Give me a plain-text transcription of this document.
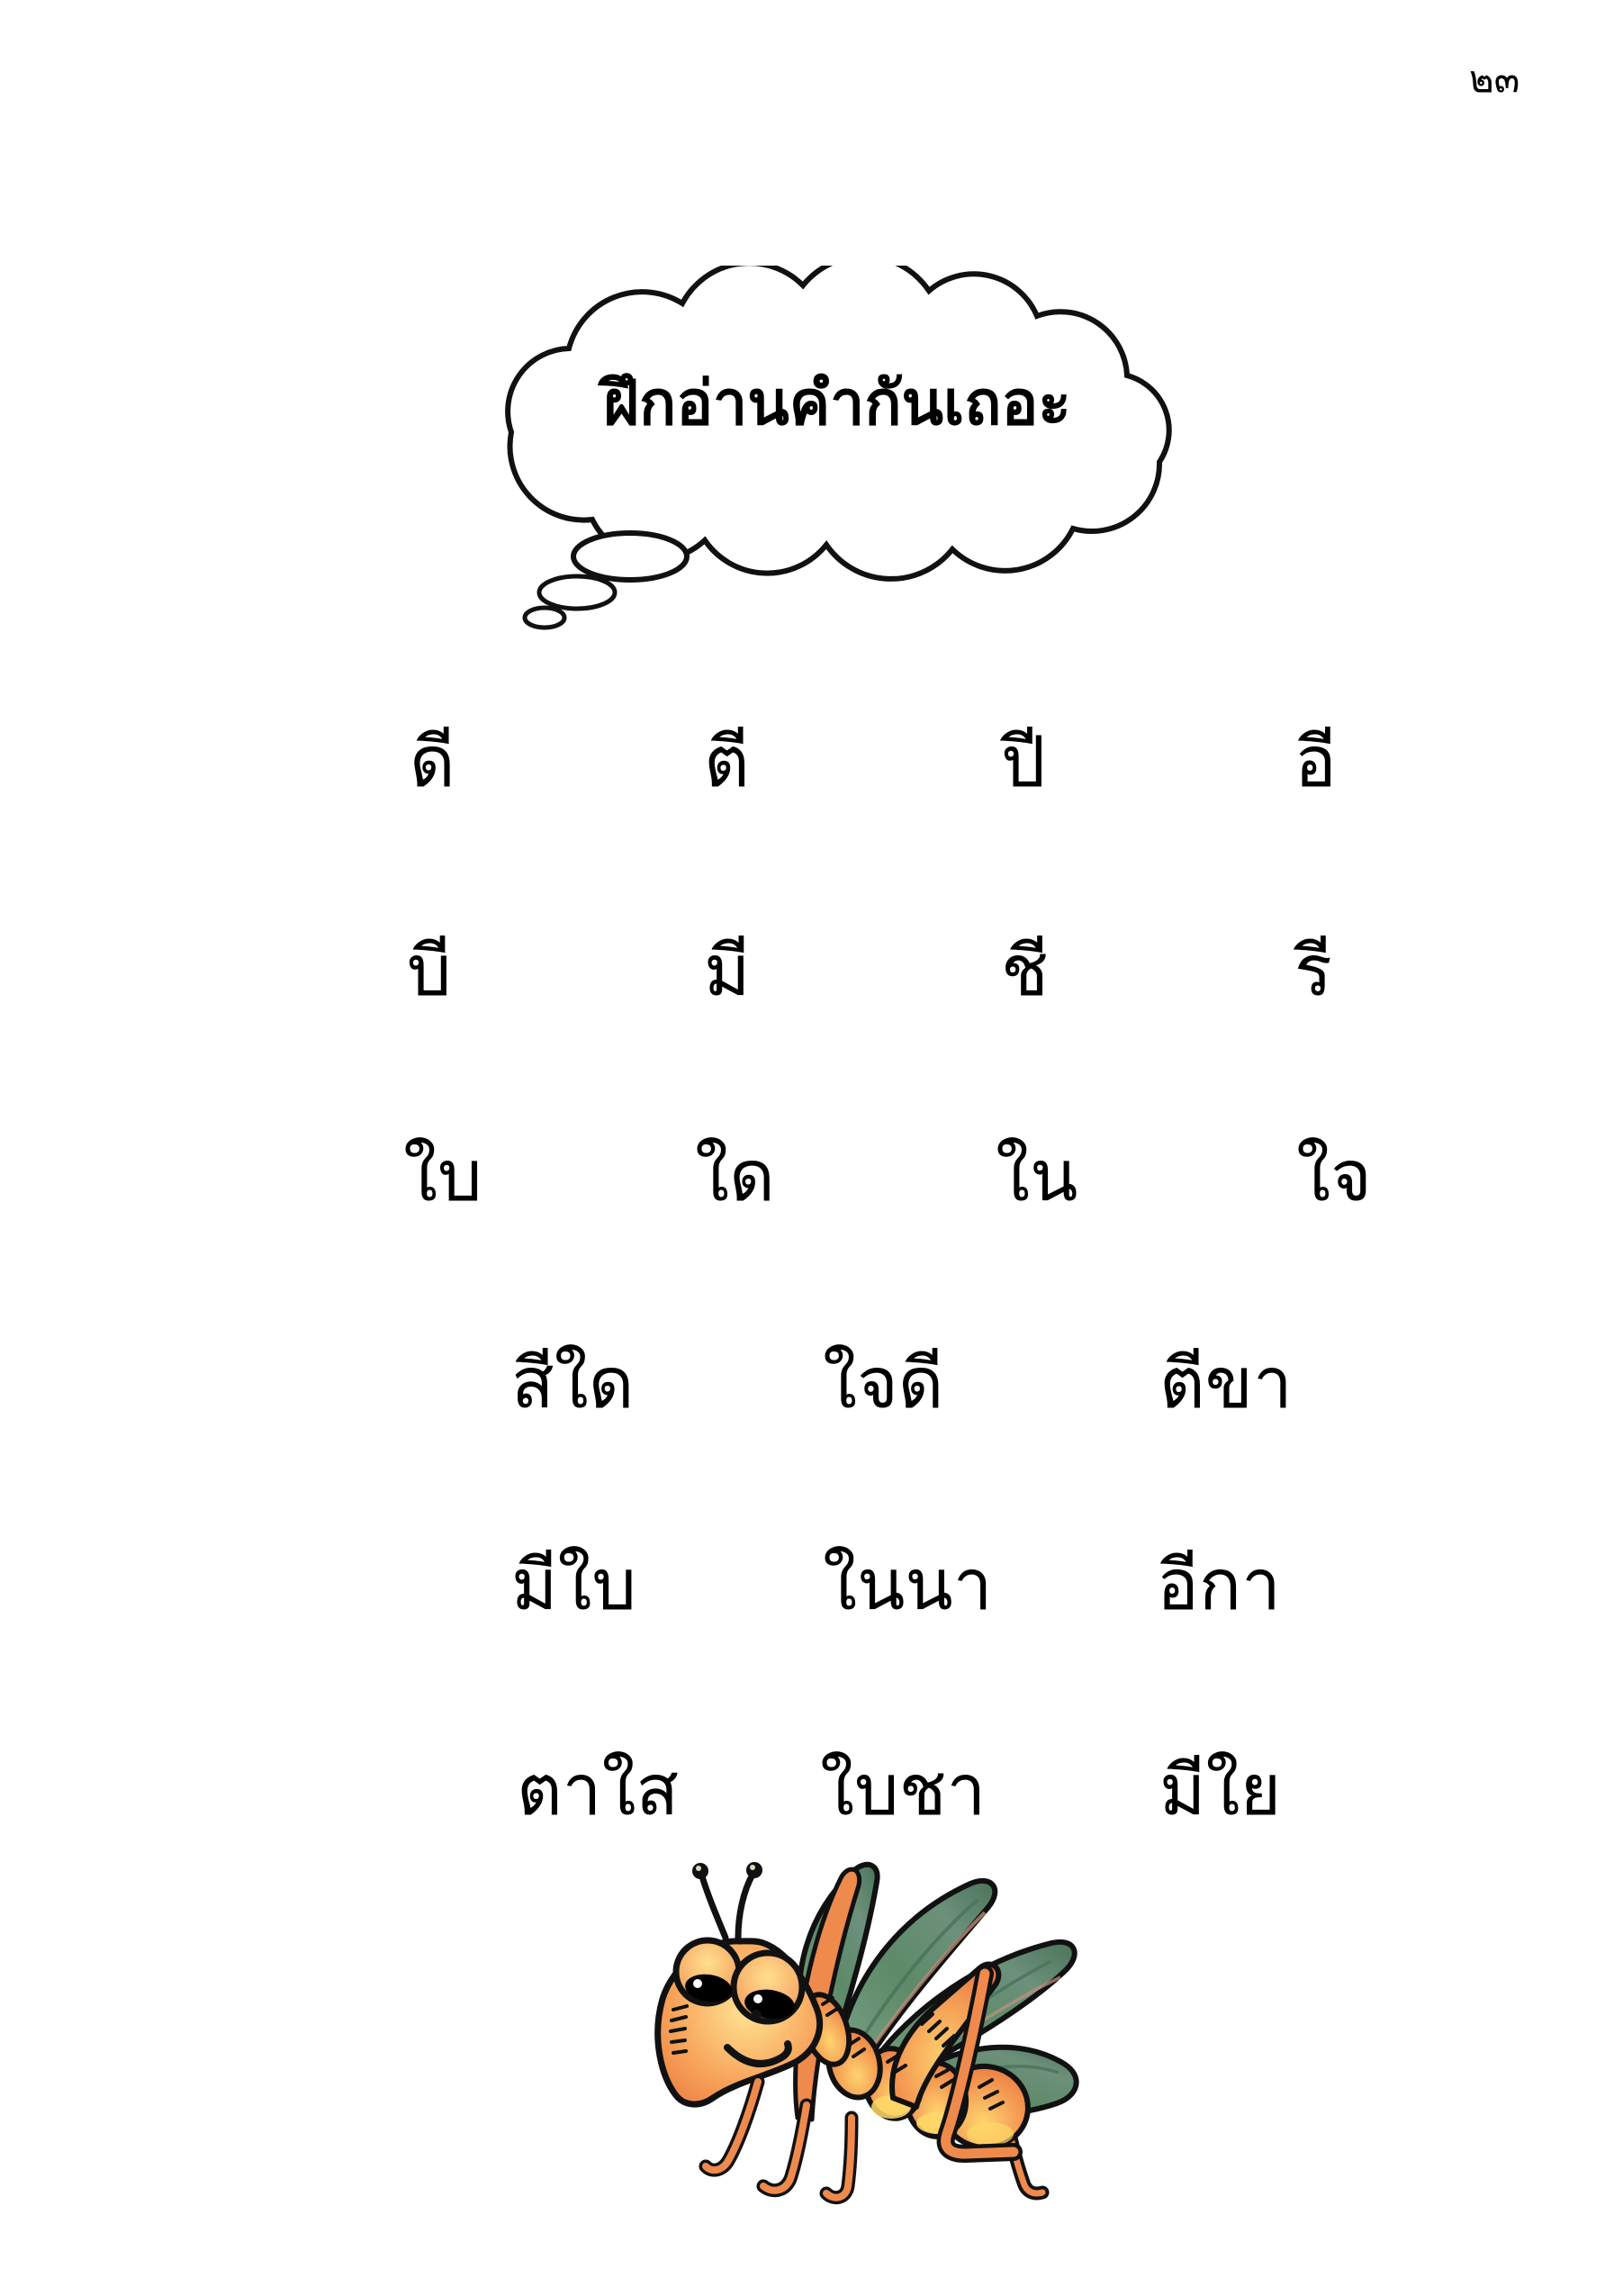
๒๓
ฝึกอ่านคำกันเถอะ
ดี	ตี	ปี	อี
บี	มี	ชี	รี
ใบ	ใด	ใน	ใจ
สีใด	ใจดี	ตีขา
มีใบ	ในนา อีกา
ตาใส ใบชา มีใย
